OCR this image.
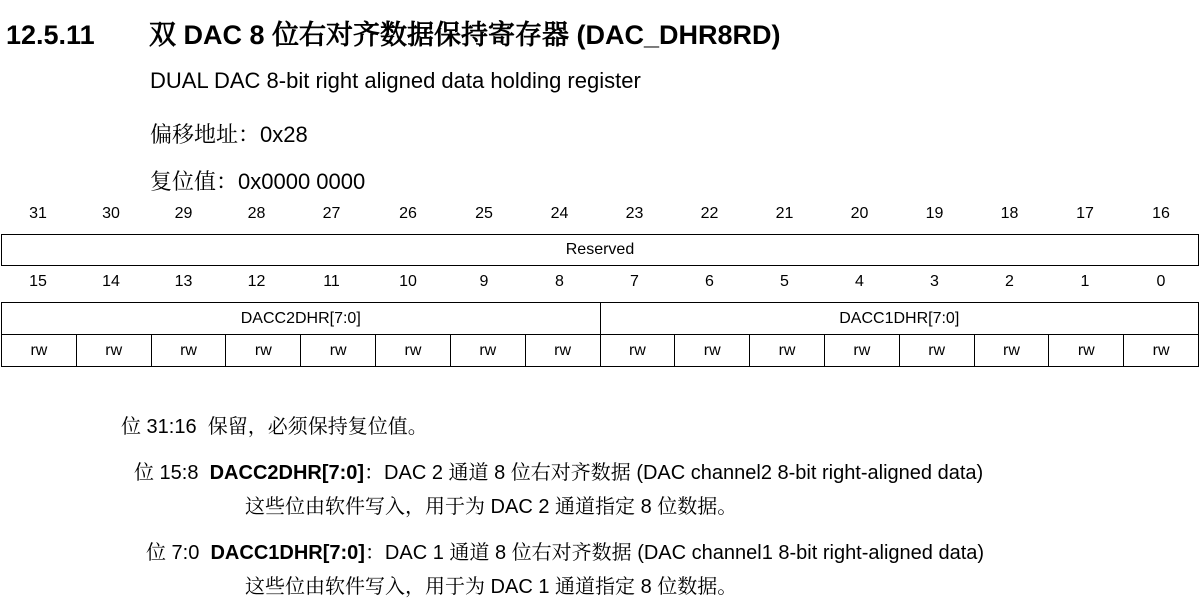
12.5.11 双 DAC 8 位右对齐数据保持寄存器 (DAC_DHR8RD)
DUAL DAC 8-bit right aligned data holding register
偏移地址：0x28
复位值：0x0000 0000
31	30	29	28	27	26	25	24	23	22	21	20	19	18	17	16
Reserved
15	14	13	12	11	10	9	8	7	6	5	4	3	2	1	0
DACC2DHR[7:0]								DACC1DHR[7:0]							
rw	rw	rw	rw	rw	rw	rw	rw	rw	rw	rw	rw	rw	rw	rw	rw
位 31:16 保留，必须保持复位值。
位 15:8 DACC2DHR[7:0]：DAC 2 通道 8 位右对齐数据 (DAC channel2 8-bit right-aligned data)
这些位由软件写入，用于为 DAC 2 通道指定 8 位数据。
位 7:0 DACC1DHR[7:0]：DAC 1 通道 8 位右对齐数据 (DAC channel1 8-bit right-aligned data)
这些位由软件写入，用于为 DAC 1 通道指定 8 位数据。
